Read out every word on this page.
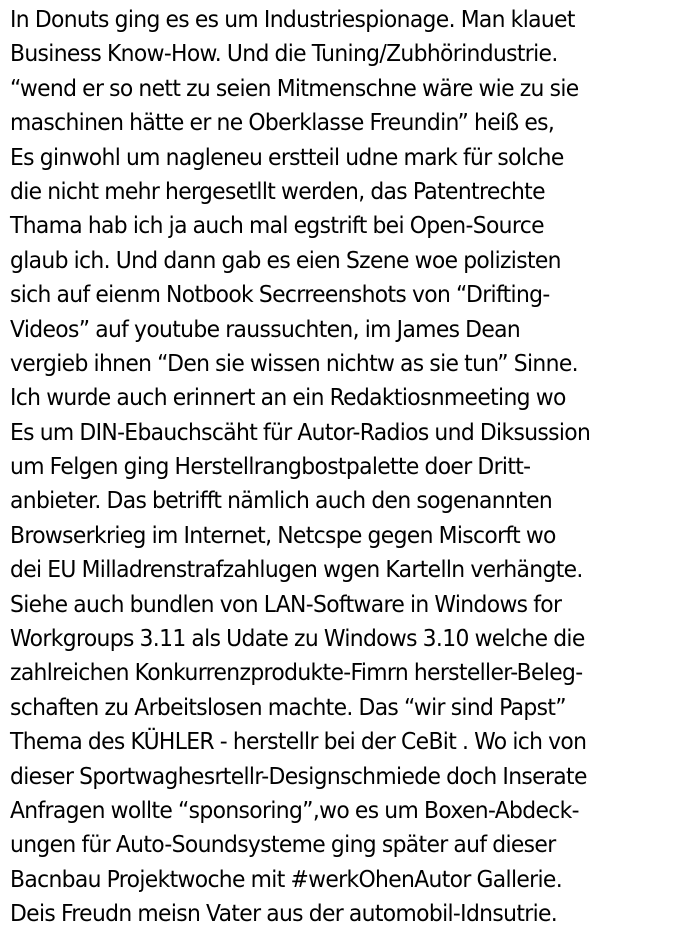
In Donuts ging es es um Industriespionage. Man klauet
Business Know-How. Und die Tuning/Zubhörindustrie.
“wend er so nett zu seien Mitmenschne wäre wie zu sie
maschinen hätte er ne Oberklasse Freundin” heiß es,
Es ginwohl um nagleneu erstteil udne mark für solche
die nicht mehr hergesetllt werden, das Patentrechte
Thama hab ich ja auch mal egstrift bei Open-Source
glaub ich. Und dann gab es eien Szene woe polizisten
sich auf eienm Notbook Secrreenshots von “Drifting-
Videos” auf youtube raussuchten, im James Dean
vergieb ihnen “Den sie wissen nichtw as sie tun” Sinne.
Ich wurde auch erinnert an ein Redaktiosnmeeting wo
Es um DIN-Ebauchscäht für Autor-Radios und Diksussion
um Felgen ging Herstellrangbostpalette doer Dritt-
anbieter. Das betrifft nämlich auch den sogenannten
Browserkrieg im Internet, Netcspe gegen Miscorft wo
dei EU Milladrenstrafzahlugen wgen Kartelln verhängte.
Siehe auch bundlen von LAN-Software in Windows for
Workgroups 3.11 als Udate zu Windows 3.10 welche die
zahlreichen Konkurrenzprodukte-Fimrn hersteller-Beleg-
schaften zu Arbeitslosen machte. Das “wir sind Papst”
Thema des KÜHLER - herstellr bei der CeBit . Wo ich von
dieser Sportwaghesrtellr-Designschmiede doch Inserate
Anfragen wollte “sponsoring”,wo es um Boxen-Abdeck-
ungen für Auto-Soundsysteme ging später auf dieser
Bacnbau Projektwoche mit #werkOhenAutor Gallerie.
Deis Freudn meisn Vater aus der automobil-Idnsutrie.
